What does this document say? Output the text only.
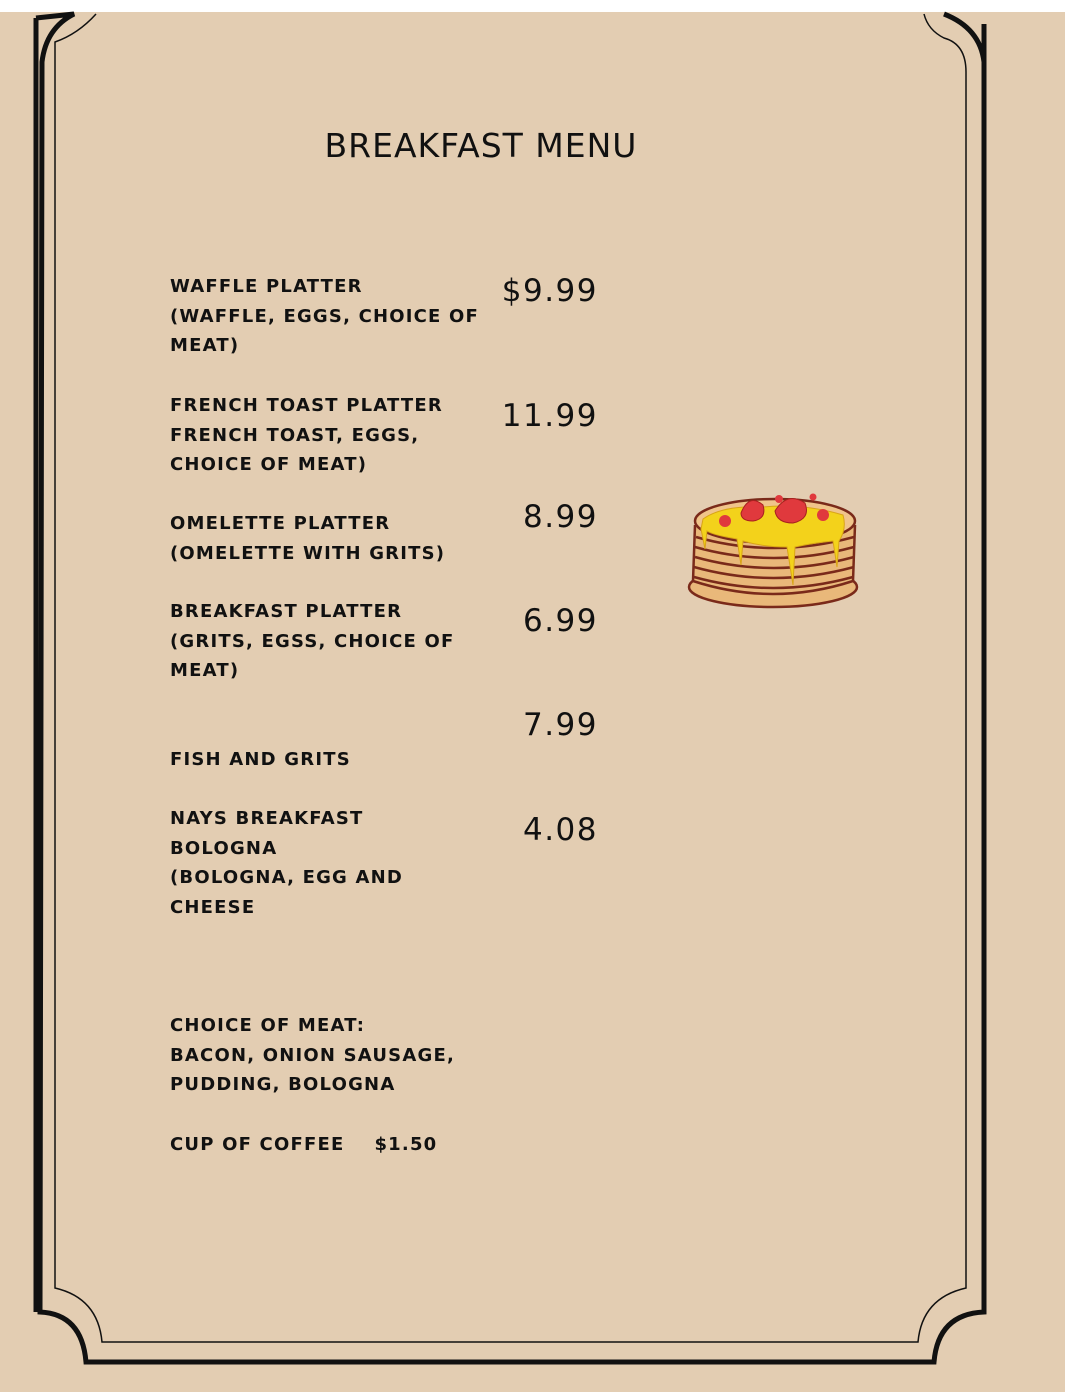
BREAKFAST MENU
WAFFLE PLATTER
(WAFFLE, EGGS, CHOICE OF
MEAT)
$9.99
FRENCH TOAST PLATTER
FRENCH TOAST, EGGS,
CHOICE OF MEAT)
11.99
OMELETTE PLATTER
(OMELETTE WITH GRITS)
8.99
BREAKFAST PLATTER
(GRITS, EGSS, CHOICE OF
MEAT)
6.99
FISH AND GRITS
7.99
NAYS BREAKFAST
BOLOGNA
(BOLOGNA, EGG AND
CHEESE
4.08
CHOICE OF MEAT:
BACON, ONION SAUSAGE,
PUDDING, BOLOGNA
CUP OF COFFEE $1.50
